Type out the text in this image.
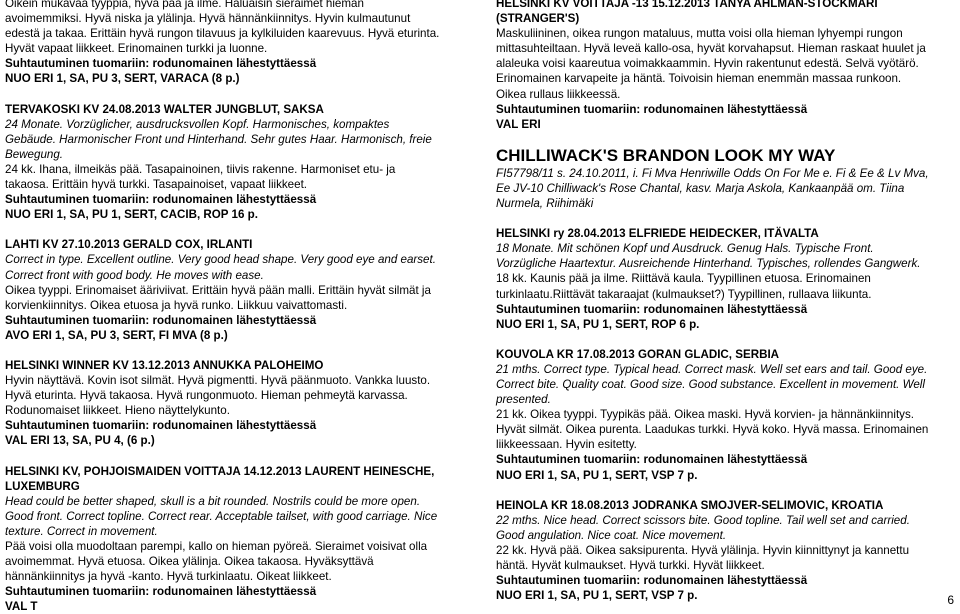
Oikein mukavaa tyyppiä, hyvä pää ja ilme. Haluaisin sieraimet hieman
avoimemmiksi. Hyvä niska ja ylälinja. Hyvä hännänkiinnitys. Hyvin kulmautunut
edestä ja takaa. Erittäin hyvä rungon tilavuus ja kylkiluiden kaarevuus. Hyvä eturinta.
Hyvät vapaat liikkeet. Erinomainen turkki ja luonne.
Suhtautuminen tuomariin: rodunomainen lähestyttäessä
NUO ERI 1, SA, PU 3, SERT, VARACA (8 p.)
TERVAKOSKI KV 24.08.2013 WALTER JUNGBLUT, SAKSA
24 Monate. Vorzüglicher, ausdrucksvollen Kopf. Harmonisches, kompaktes
Gebäude. Harmonischer Front und Hinterhand. Sehr gutes Haar. Harmonisch, freie
Bewegung.
24 kk. Ihana, ilmeikäs pää. Tasapainoinen, tiivis rakenne. Harmoniset etu- ja
takaosa. Erittäin hyvä turkki. Tasapainoiset, vapaat liikkeet.
Suhtautuminen tuomariin: rodunomainen lähestyttäessä
NUO ERI 1, SA, PU 1, SERT, CACIB, ROP 16 p.
LAHTI KV 27.10.2013 GERALD COX, IRLANTI
Correct in type. Excellent outline. Very good head shape. Very good eye and earset.
Correct front with good body. He moves with ease.
Oikea tyyppi. Erinomaiset ääriviivat. Erittäin hyvä pään malli. Erittäin hyvät silmät ja
korvienkiinnitys. Oikea etuosa ja hyvä runko. Liikkuu vaivattomasti.
Suhtautuminen tuomariin: rodunomainen lähestyttäessä
AVO ERI 1, SA, PU 3, SERT, FI MVA (8 p.)
HELSINKI WINNER KV 13.12.2013 ANNUKKA PALOHEIMO
Hyvin näyttävä. Kovin isot silmät. Hyvä pigmentti. Hyvä päänmuoto. Vankka luusto.
Hyvä eturinta. Hyvä takaosa. Hyvä rungonmuoto. Hieman pehmeytä karvassa.
Rodunomaiset liikkeet. Hieno näyttelykunto.
Suhtautuminen tuomariin: rodunomainen lähestyttäessä
VAL ERI 13, SA, PU 4, (6 p.)
HELSINKI KV, POHJOISMAIDEN VOITTAJA 14.12.2013 LAURENT HEINESCHE,
LUXEMBURG
Head could be better shaped, skull is a bit rounded. Nostrils could be more open.
Good front. Correct topline. Correct rear. Acceptable tailset, with good carriage. Nice
texture. Correct in movement.
Pää voisi olla muodoltaan parempi, kallo on hieman pyöreä. Sieraimet voisivat olla
avoimemmat. Hyvä etuosa. Oikea ylälinja. Oikea takaosa. Hyväksyttävä
hännänkiinnitys ja hyvä -kanto. Hyvä turkinlaatu. Oikeat liikkeet.
Suhtautuminen tuomariin: rodunomainen lähestyttäessä
VAL T
HELSINKI KV VOITTAJA -13 15.12.2013 TANYA AHLMAN-STOCKMARI
(STRANGER'S)
Maskuliininen, oikea rungon mataluus, mutta voisi olla hieman lyhyempi rungon
mittasuhteiltaan. Hyvä leveä kallo-osa, hyvät korvahapsut. Hieman raskaat huulet ja
alaleuka voisi kaareutua voimakkaammin. Hyvin rakentunut edestä. Selvä vyötärö.
Erinomainen karvapeite ja häntä. Toivoisin hieman enemmän massaa runkoon.
Oikea rullaus liikkeessä.
Suhtautuminen tuomariin: rodunomainen lähestyttäessä
VAL ERI
CHILLIWACK'S BRANDON LOOK MY WAY
FI57798/11 s. 24.10.2011, i. Fi Mva Henriwille Odds On For Me e. Fi & Ee & Lv Mva,
Ee JV-10 Chilliwack's Rose Chantal, kasv. Marja Askola, Kankaanpää om. Tiina
Nurmela, Riihimäki
HELSINKI ry 28.04.2013 ELFRIEDE HEIDECKER, ITÄVALTA
18 Monate. Mit schönen Kopf und Ausdruck. Genug Hals. Typische Front.
Vorzügliche Haartextur. Ausreichende Hinterhand. Typisches, rollendes Gangwerk.
18 kk. Kaunis pää ja ilme. Riittävä kaula. Tyypillinen etuosa. Erinomainen
turkinlaatu.Riittävät takaraajat (kulmaukset?) Tyypillinen, rullaava liikunta.
Suhtautuminen tuomariin: rodunomainen lähestyttäessä
NUO ERI 1, SA, PU 1, SERT, ROP 6 p.
KOUVOLA KR 17.08.2013 GORAN GLADIC, SERBIA
21 mths. Correct type. Typical head. Correct mask. Well set ears and tail. Good eye.
Correct bite. Quality coat. Good size. Good substance. Excellent in movement. Well
presented.
21 kk. Oikea tyyppi. Tyypikäs pää. Oikea maski. Hyvä korvien- ja hännänkiinnitys.
Hyvät silmät. Oikea purenta. Laadukas turkki. Hyvä koko. Hyvä massa. Erinomainen
liikkeessaan. Hyvin esitetty.
Suhtautuminen tuomariin: rodunomainen lähestyttäessä
NUO ERI 1, SA, PU 1, SERT, VSP 7 p.
HEINOLA KR 18.08.2013 JODRANKA SMOJVER-SELIMOVIC, KROATIA
22 mths. Nice head. Correct scissors bite. Good topline. Tail well set and carried.
Good angulation. Nice coat. Nice movement.
22 kk. Hyvä pää. Oikea saksipurenta. Hyvä ylälinja. Hyvin kiinnittynyt ja kannettu
häntä. Hyvät kulmaukset. Hyvä turkki. Hyvät liikkeet.
Suhtautuminen tuomariin: rodunomainen lähestyttäessä
NUO ERI 1, SA, PU 1, SERT, VSP 7 p.	6
